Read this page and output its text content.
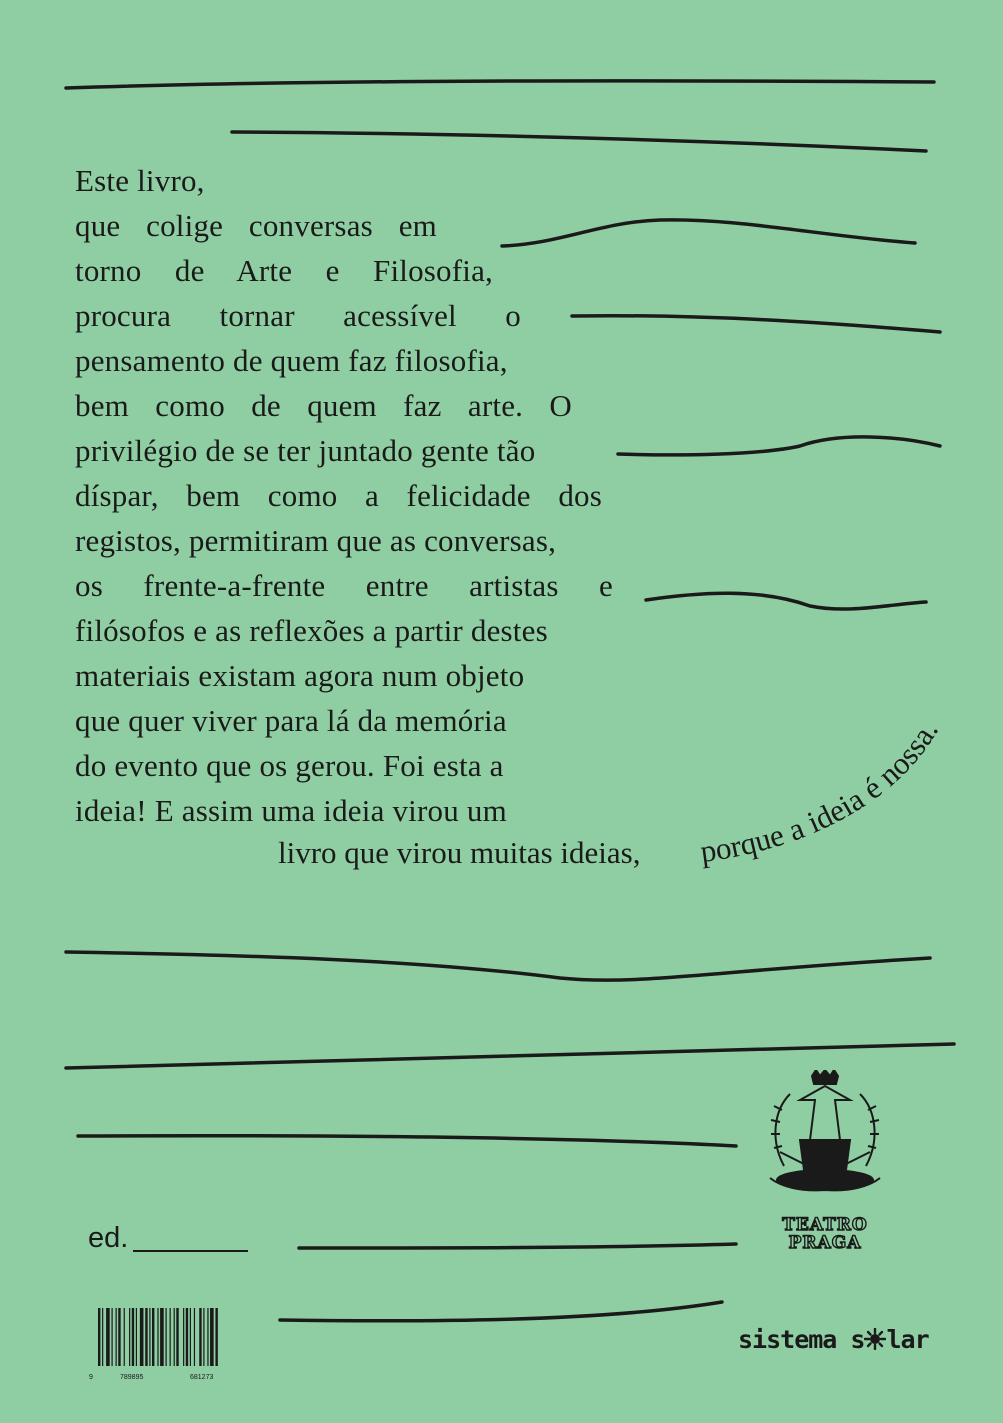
Este livro,
que colige conversas em
torno de Arte e Filosofia,
procura tornar acessível o
pensamento de quem faz filosofia,
bem como de quem faz arte. O
privilégio de se ter juntado gente tão
díspar, bem como a felicidade dos
registos, permitiram que as conversas,
os frente-a-frente entre artistas e
filósofos e as reflexões a partir destes
materiais existam agora num objeto
que quer viver para lá da memória
do evento que os gerou. Foi esta a
ideia! E assim uma ideia virou um
livro que virou muitas ideias, porque a ideia é nossa.
ed.
9	789895	681273
TEATRO
PRAGA
sistema s lar
